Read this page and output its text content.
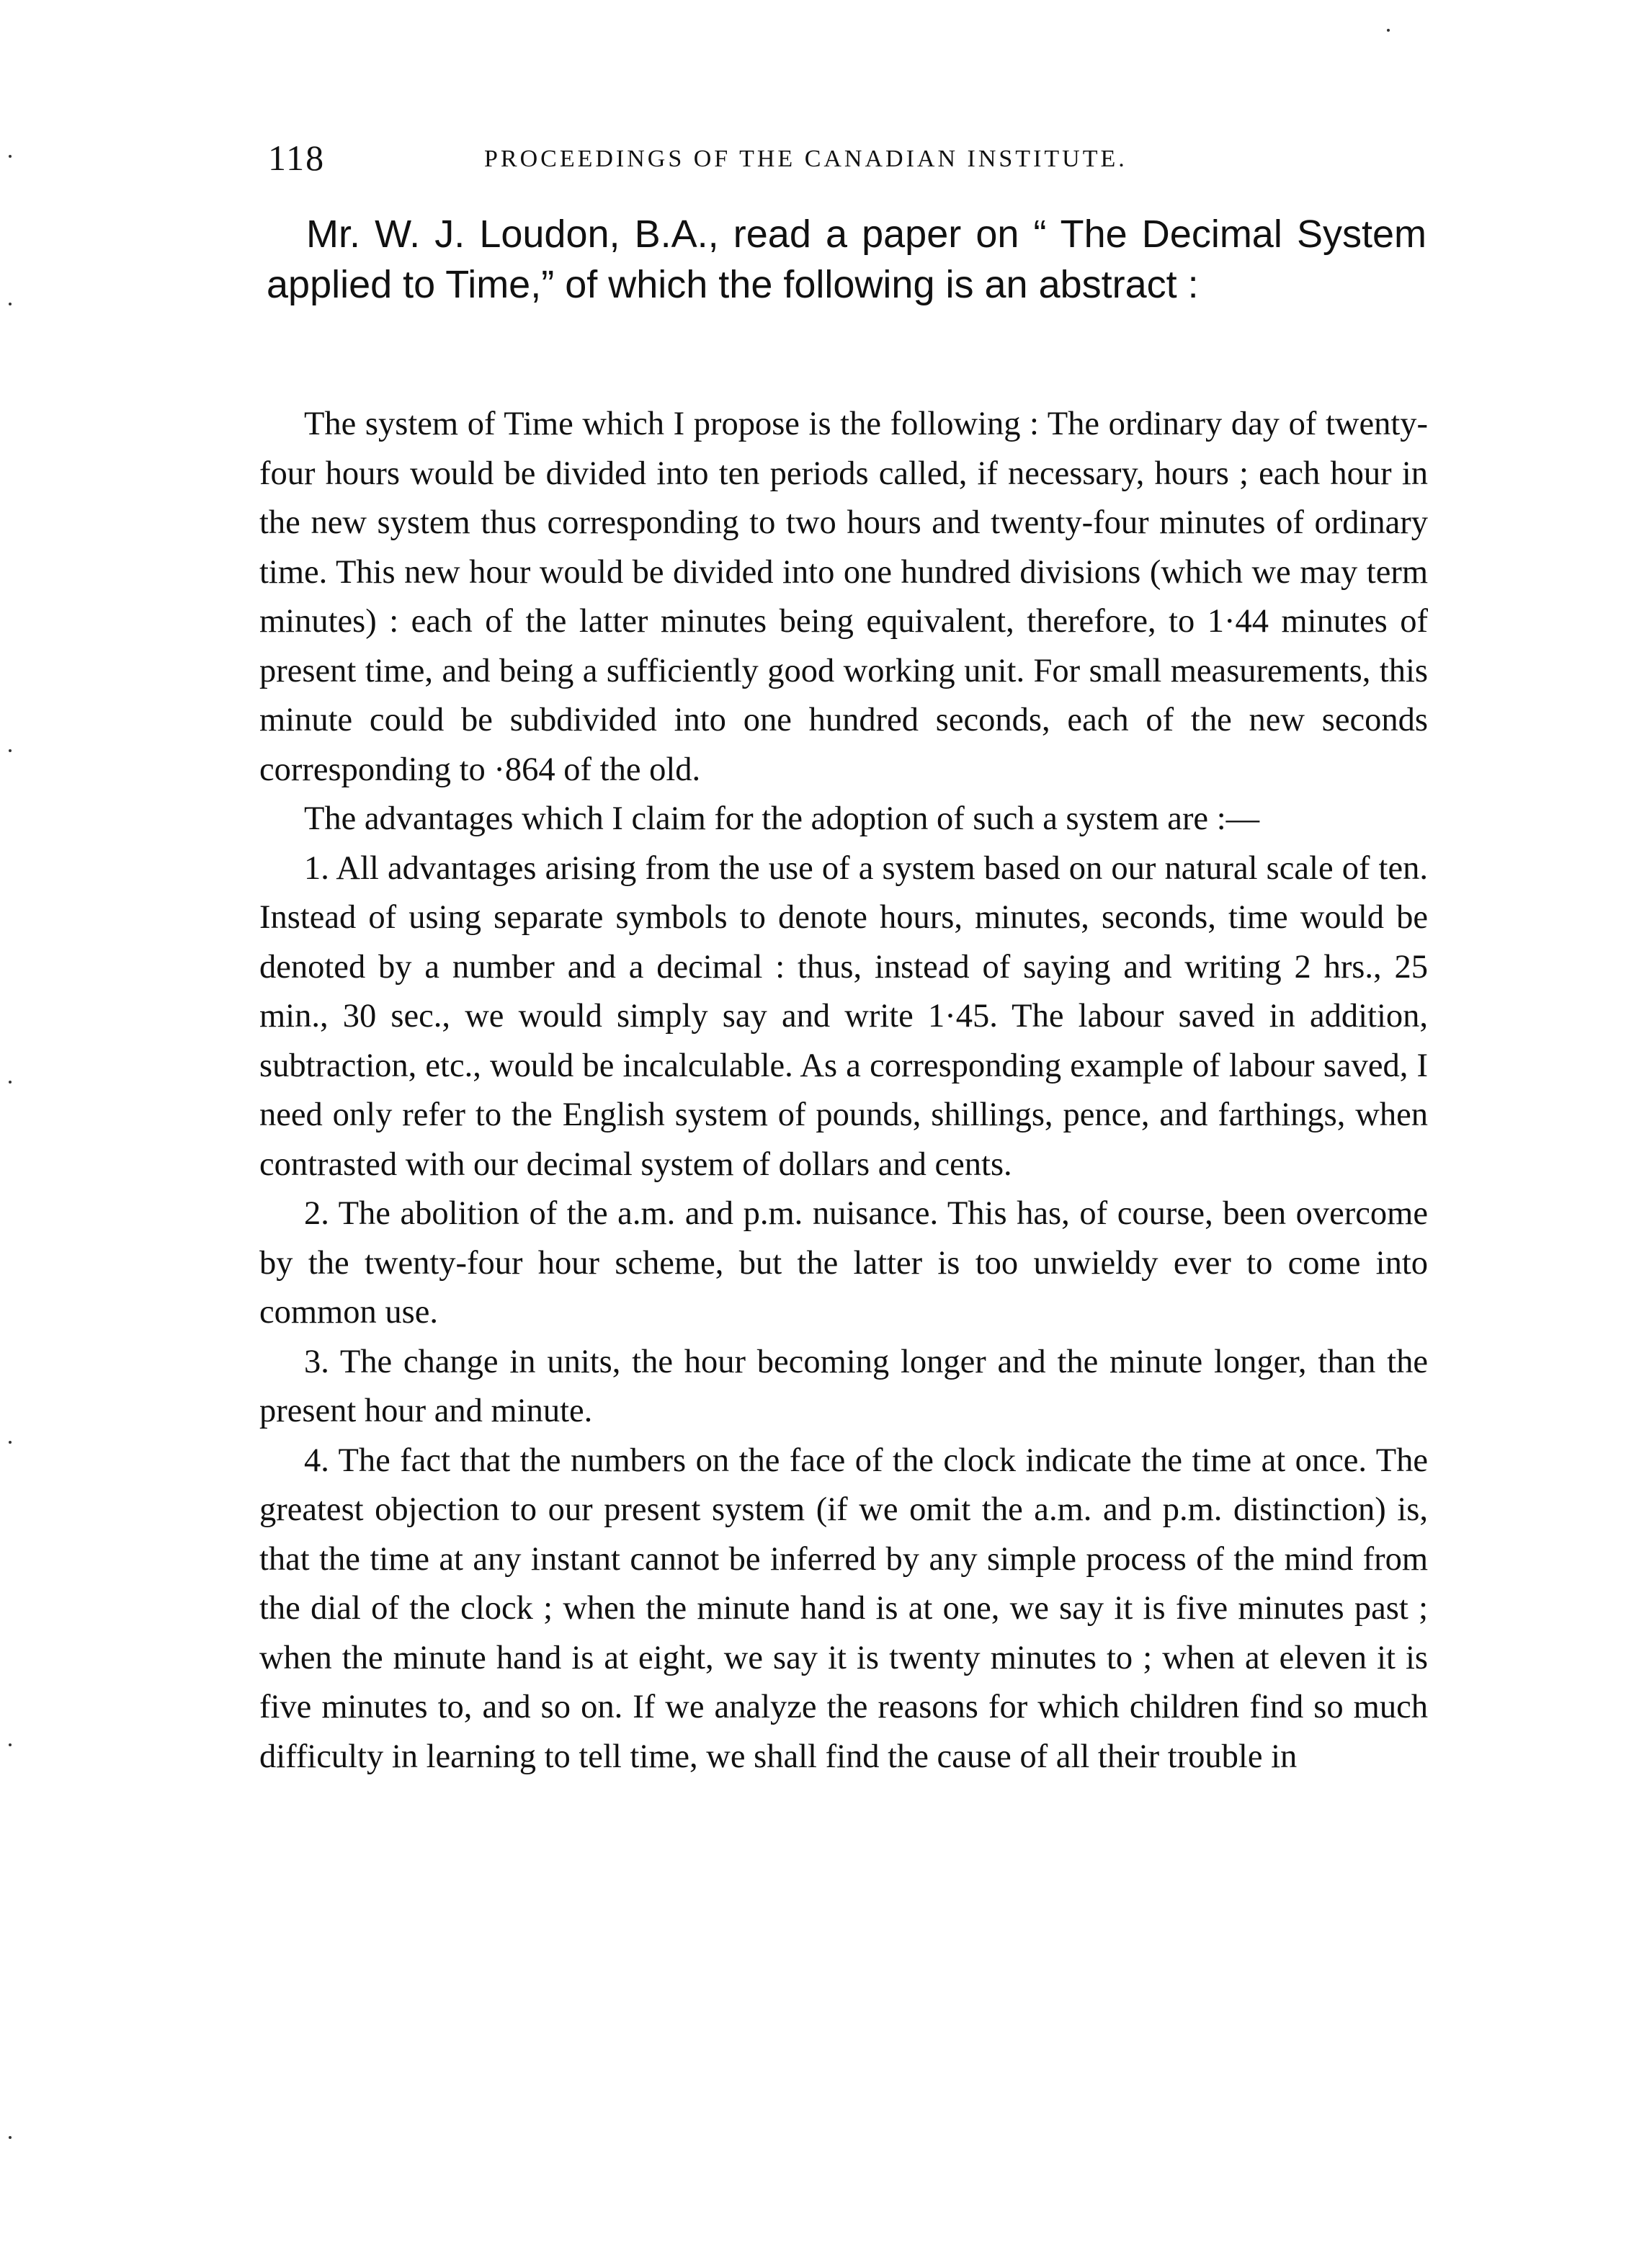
118	PROCEEDINGS OF THE CANADIAN INSTITUTE.
Mr. W. J. Loudon, B.A., read a paper on “ The Decimal System applied to Time,” of which the following is an abstract :

The system of Time which I propose is the following : The ordinary day of twenty-four hours would be divided into ten periods called, if necessary, hours ; each hour in the new system thus corresponding to two hours and twenty-four minutes of ordinary time. This new hour would be divided into one hundred divisions (which we may term minutes) : each of the latter minutes being equivalent, therefore, to 1·44 minutes of present time, and being a sufficiently good working unit. For small measurements, this minute could be subdivided into one hundred seconds, each of the new seconds corresponding to ·864 of the old.

The advantages which I claim for the adoption of such a system are :—

1. All advantages arising from the use of a system based on our natural scale of ten. Instead of using separate symbols to denote hours, minutes, seconds, time would be denoted by a number and a decimal : thus, instead of saying and writing 2 hrs., 25 min., 30 sec., we would simply say and write 1·45. The labour saved in addition, subtraction, etc., would be incalculable. As a corresponding example of labour saved, I need only refer to the English system of pounds, shillings, pence, and farthings, when contrasted with our decimal system of dollars and cents.

2. The abolition of the a.m. and p.m. nuisance. This has, of course, been overcome by the twenty-four hour scheme, but the latter is too unwieldy ever to come into common use.

3. The change in units, the hour becoming longer and the minute longer, than the present hour and minute.

4. The fact that the numbers on the face of the clock indicate the time at once. The greatest objection to our present system (if we omit the a.m. and p.m. distinction) is, that the time at any instant cannot be inferred by any simple process of the mind from the dial of the clock ; when the minute hand is at one, we say it is five minutes past ; when the minute hand is at eight, we say it is twenty minutes to ; when at eleven it is five minutes to, and so on. If we analyze the reasons for which children find so much difficulty in learning to tell time, we shall find the cause of all their trouble in
